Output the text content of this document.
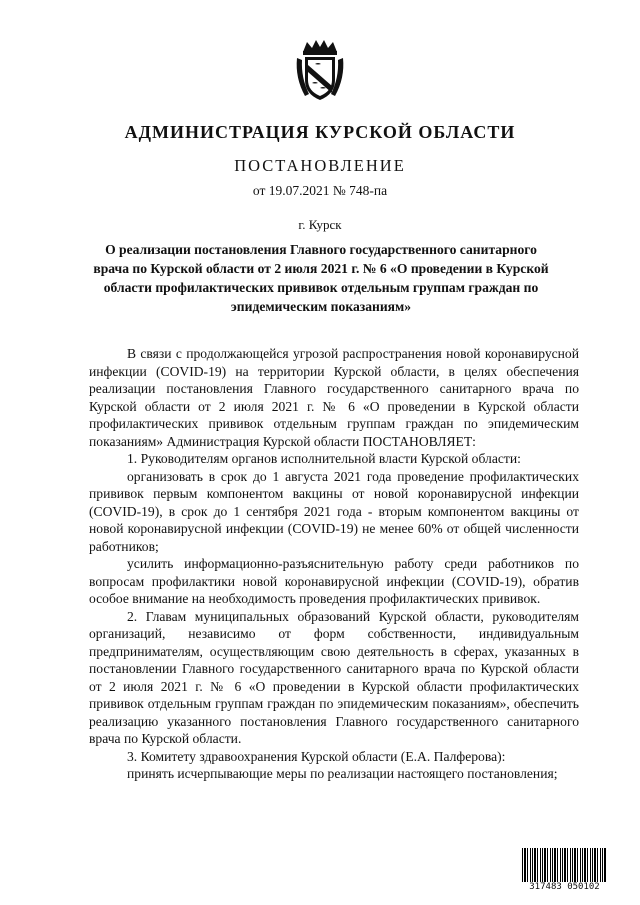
АДМИНИСТРАЦИЯ КУРСКОЙ ОБЛАСТИ
ПОСТАНОВЛЕНИЕ
от 19.07.2021 № 748-па
г. Курск
О реализации постановления Главного государственного санитарного врача по Курской области от 2 июля 2021 г. № 6 «О проведении в Курской области профилактических прививок отдельным группам граждан по эпидемическим показаниям»

В связи с продолжающейся угрозой распространения новой коронавирусной инфекции (COVID-19) на территории Курской области, в целях обеспечения реализации постановления Главного государственного санитарного врача по Курской области от 2 июля 2021 г. № 6 «О проведении в Курской области профилактических прививок отдельным группам граждан по эпидемическим показаниям» Администрация Курской области ПОСТАНОВЛЯЕТ:

1. Руководителям органов исполнительной власти Курской области:

организовать в срок до 1 августа 2021 года проведение профилактических прививок первым компонентом вакцины от новой коронавирусной инфекции (COVID-19), в срок до 1 сентября 2021 года - вторым компонентом вакцины от новой коронавирусной инфекции (COVID-19) не менее 60% от общей численности работников;

усилить информационно-разъяснительную работу среди работников по вопросам профилактики новой коронавирусной инфекции (COVID-19), обратив особое внимание на необходимость проведения профилактических прививок.

2. Главам муниципальных образований Курской области, руководителям организаций, независимо от форм собственности, индивидуальным предпринимателям, осуществляющим свою деятельность в сферах, указанных в постановлении Главного государственного санитарного врача по Курской области от 2 июля 2021 г. № 6 «О проведении в Курской области профилактических прививок отдельным группам граждан по эпидемическим показаниям», обеспечить реализацию указанного постановления Главного государственного санитарного врача по Курской области.

3. Комитету здравоохранения Курской области (Е.А. Палферова):

принять исчерпывающие меры по реализации настоящего постановления;

317483 050102
